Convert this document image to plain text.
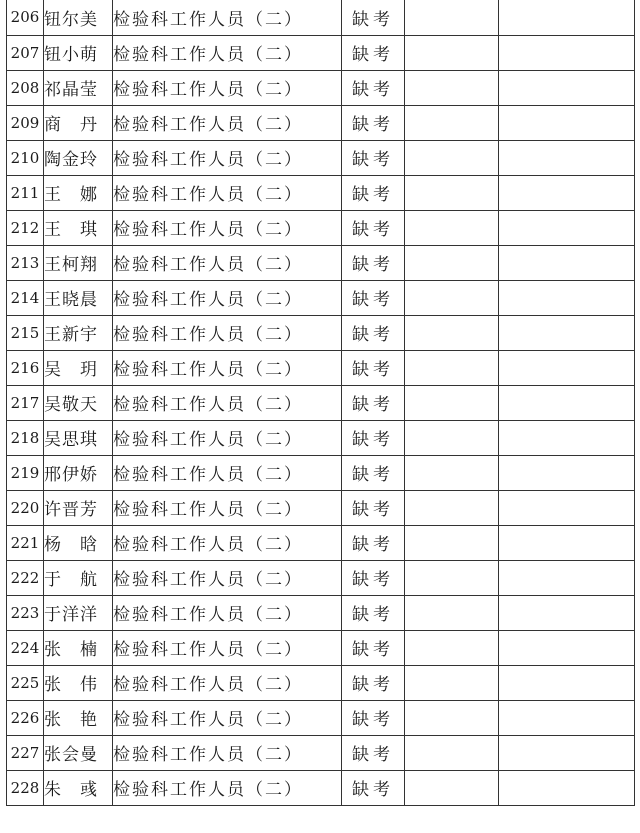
206	钮尔美	检验科工作人员（二）	缺考		
207	钮小萌	检验科工作人员（二）	缺考		
208	祁晶莹	检验科工作人员（二）	缺考		
209	商　丹	检验科工作人员（二）	缺考		
210	陶金玲	检验科工作人员（二）	缺考		
211	王　娜	检验科工作人员（二）	缺考		
212	王　琪	检验科工作人员（二）	缺考		
213	王柯翔	检验科工作人员（二）	缺考		
214	王晓晨	检验科工作人员（二）	缺考		
215	王新宇	检验科工作人员（二）	缺考		
216	吴　玥	检验科工作人员（二）	缺考		
217	吴敬天	检验科工作人员（二）	缺考		
218	吴思琪	检验科工作人员（二）	缺考		
219	邢伊娇	检验科工作人员（二）	缺考		
220	许晋芳	检验科工作人员（二）	缺考		
221	杨　晗	检验科工作人员（二）	缺考		
222	于　航	检验科工作人员（二）	缺考		
223	于洋洋	检验科工作人员（二）	缺考		
224	张　楠	检验科工作人员（二）	缺考		
225	张　伟	检验科工作人员（二）	缺考		
226	张　艳	检验科工作人员（二）	缺考		
227	张会曼	检验科工作人员（二）	缺考		
228	朱　彧	检验科工作人员（二）	缺考		
